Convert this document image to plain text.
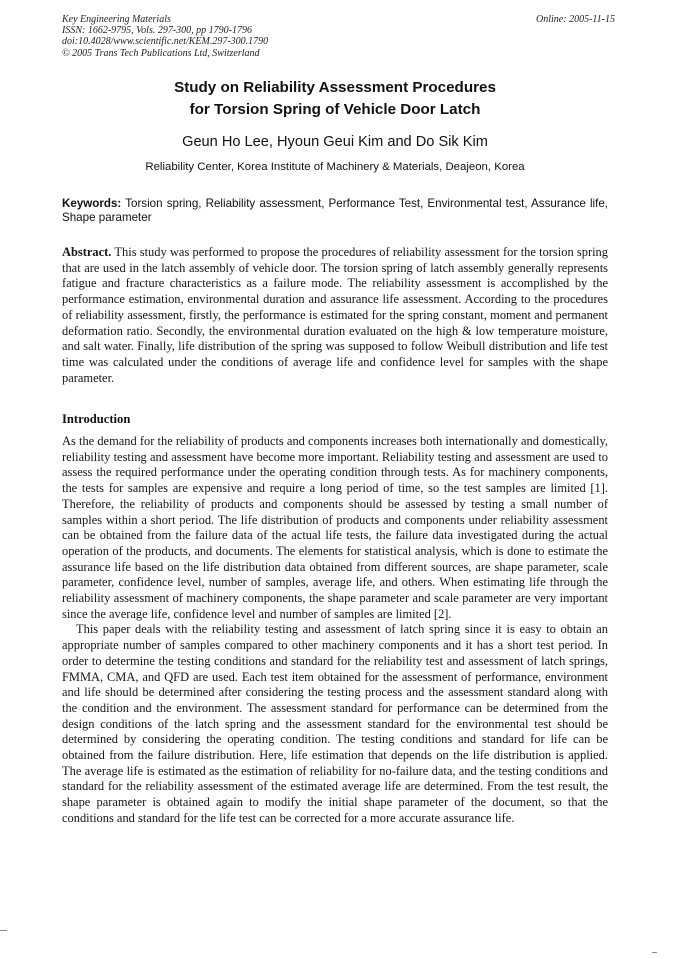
Key Engineering Materials
ISSN: 1662-9795, Vols. 297-300, pp 1790-1796
doi:10.4028/www.scientific.net/KEM.297-300.1790
© 2005 Trans Tech Publications Ltd, Switzerland
Online: 2005-11-15
Study on Reliability Assessment Procedures
for Torsion Spring of Vehicle Door Latch
Geun Ho Lee, Hyoun Geui Kim and Do Sik Kim
Reliability Center, Korea Institute of Machinery & Materials, Deajeon, Korea
Keywords: Torsion spring, Reliability assessment, Performance Test, Environmental test, Assurance life, Shape parameter
Abstract. This study was performed to propose the procedures of reliability assessment for the torsion spring that are used in the latch assembly of vehicle door. The torsion spring of latch assembly generally represents fatigue and fracture characteristics as a failure mode. The reliability assessment is accomplished by the performance estimation, environmental duration and assurance life assessment. According to the procedures of reliability assessment, firstly, the performance is estimated for the spring constant, moment and permanent deformation ratio. Secondly, the environmental duration evaluated on the high & low temperature moisture, and salt water. Finally, life distribution of the spring was supposed to follow Weibull distribution and life test time was calculated under the conditions of average life and confidence level for samples with the shape parameter.
Introduction

As the demand for the reliability of products and components increases both internationally and domestically, reliability testing and assessment have become more important. Reliability testing and assessment are used to assess the required performance under the operating condition through tests. As for machinery components, the tests for samples are expensive and require a long period of time, so the test samples are limited [1]. Therefore, the reliability of products and components should be assessed by testing a small number of samples within a short period. The life distribution of products and components under reliability assessment can be obtained from the failure data of the actual life tests, the failure data investigated during the actual operation of the products, and documents. The elements for statistical analysis, which is done to estimate the assurance life based on the life distribution data obtained from different sources, are shape parameter, scale parameter, confidence level, number of samples, average life, and others. When estimating life through the reliability assessment of machinery components, the shape parameter and scale parameter are very important since the average life, confidence level and number of samples are limited [2].

This paper deals with the reliability testing and assessment of latch spring since it is easy to obtain an appropriate number of samples compared to other machinery components and it has a short test period. In order to determine the testing conditions and standard for the reliability test and assessment of latch springs, FMMA, CMA, and QFD are used. Each test item obtained for the assessment of performance, environment and life should be determined after considering the testing process and the assessment standard along with the condition and the environment. The assessment standard for performance can be determined from the design conditions of the latch spring and the assessment standard for the environmental test should be determined by considering the operating condition. The testing conditions and standard for life can be obtained from the failure distribution. Here, life estimation that depends on the life distribution is applied. The average life is estimated as the estimation of reliability for no-failure data, and the testing conditions and standard for the reliability assessment of the estimated average life are determined. From the test result, the shape parameter is obtained again to modify the initial shape parameter of the document, so that the conditions and standard for the life test can be corrected for a more accurate assurance life.
